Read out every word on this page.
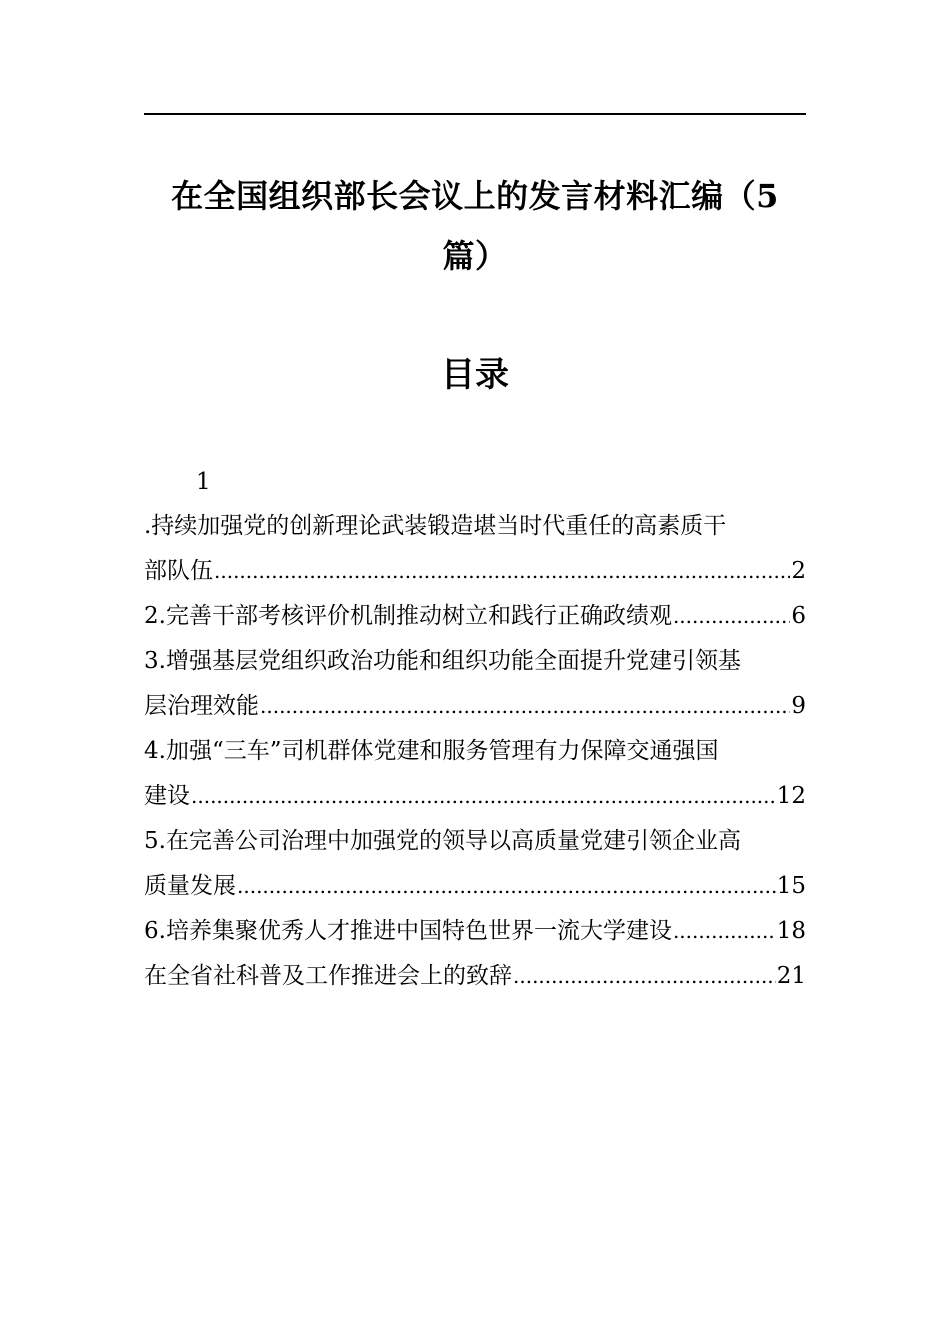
在全国组织部长会议上的发言材料汇编（5
篇）
目录
1
.持续加强党的创新理论武装锻造堪当时代重任的高素质干
部队伍 .....	2
2.完善干部考核评价机制推动树立和践行正确政绩观 .....	6
3.增强基层党组织政治功能和组织功能全面提升党建引领基
层治理效能 .....	9
4.加强“三车”司机群体党建和服务管理有力保障交通强国
建设 .....	12
5.在完善公司治理中加强党的领导以高质量党建引领企业高
质量发展 .....	15
6.培养集聚优秀人才推进中国特色世界一流大学建设 .....	18
在全省社科普及工作推进会上的致辞 .....	21
